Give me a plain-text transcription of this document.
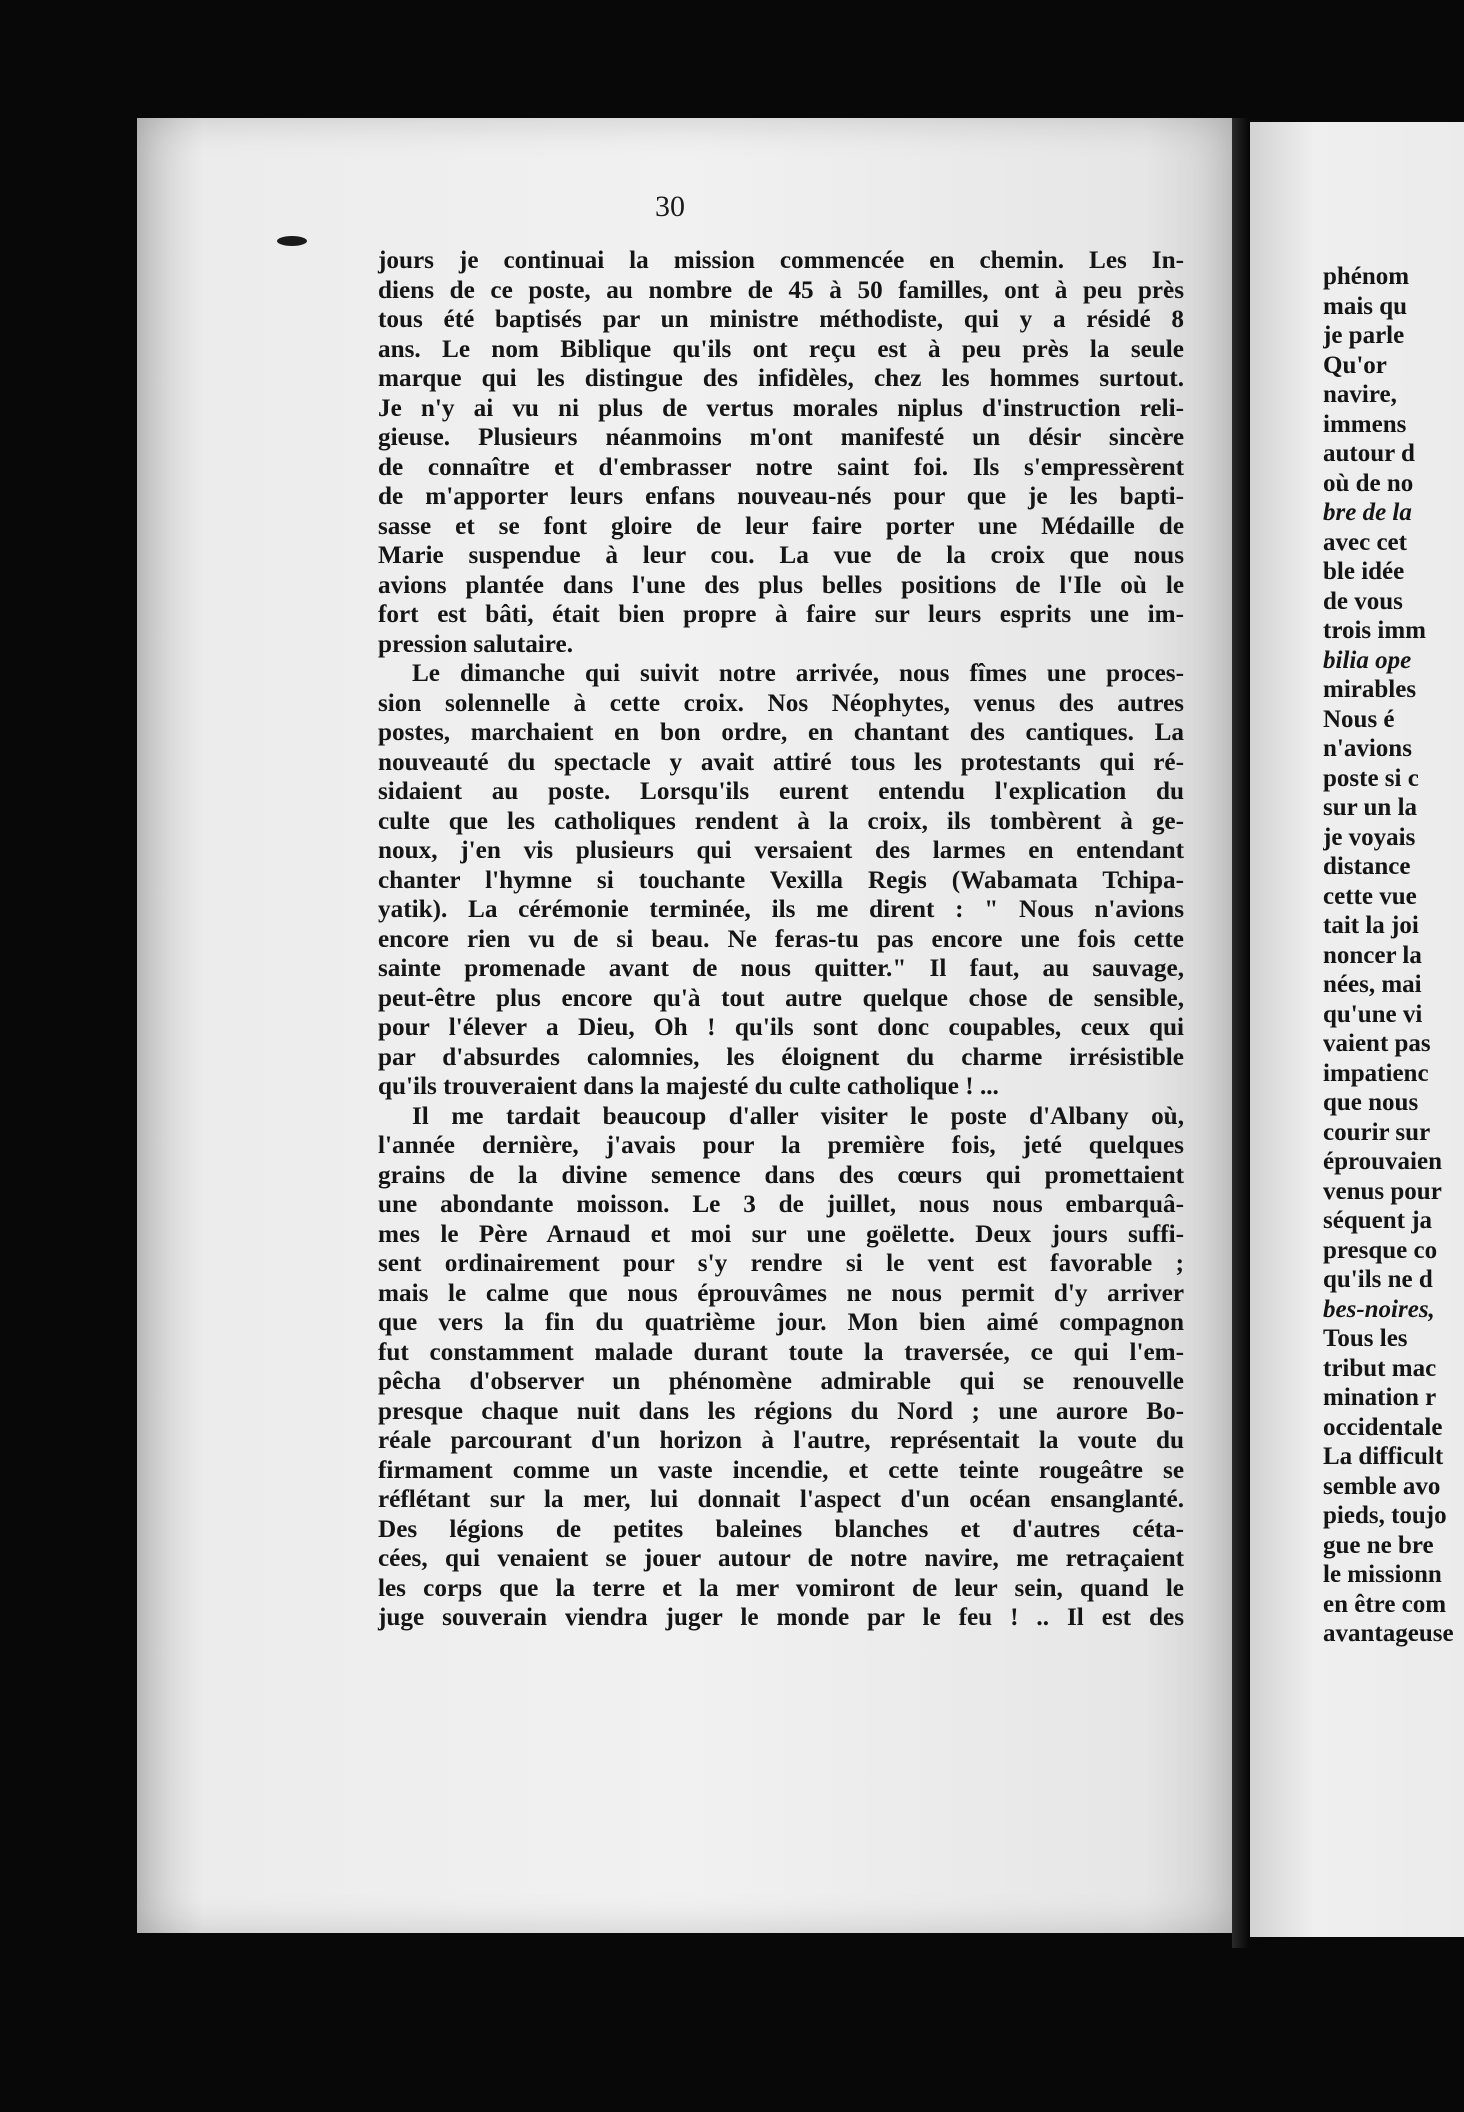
30
jours je continuai la mission commencée en chemin. Les In-
diens de ce poste, au nombre de 45 à 50 familles, ont à peu près
tous été baptisés par un ministre méthodiste, qui y a résidé 8
ans. Le nom Biblique qu'ils ont reçu est à peu près la seule
marque qui les distingue des infidèles, chez les hommes surtout.
Je n'y ai vu ni plus de vertus morales niplus d'instruction reli-
gieuse. Plusieurs néanmoins m'ont manifesté un désir sincère
de connaître et d'embrasser notre saint foi. Ils s'empressèrent
de m'apporter leurs enfans nouveau-nés pour que je les bapti-
sasse et se font gloire de leur faire porter une Médaille de
Marie suspendue à leur cou. La vue de la croix que nous
avions plantée dans l'une des plus belles positions de l'Ile où le
fort est bâti, était bien propre à faire sur leurs esprits une im-
pression salutaire.
Le dimanche qui suivit notre arrivée, nous fîmes une proces-
sion solennelle à cette croix. Nos Néophytes, venus des autres
postes, marchaient en bon ordre, en chantant des cantiques. La
nouveauté du spectacle y avait attiré tous les protestants qui ré-
sidaient au poste. Lorsqu'ils eurent entendu l'explication du
culte que les catholiques rendent à la croix, ils tombèrent à ge-
noux, j'en vis plusieurs qui versaient des larmes en entendant
chanter l'hymne si touchante Vexilla Regis (Wabamata Tchipa-
yatik). La cérémonie terminée, ils me dirent : " Nous n'avions
encore rien vu de si beau. Ne feras-tu pas encore une fois cette
sainte promenade avant de nous quitter." Il faut, au sauvage,
peut-être plus encore qu'à tout autre quelque chose de sensible,
pour l'élever a Dieu, Oh ! qu'ils sont donc coupables, ceux qui
par d'absurdes calomnies, les éloignent du charme irrésistible
qu'ils trouveraient dans la majesté du culte catholique ! ...
Il me tardait beaucoup d'aller visiter le poste d'Albany où,
l'année dernière, j'avais pour la première fois, jeté quelques
grains de la divine semence dans des cœurs qui promettaient
une abondante moisson. Le 3 de juillet, nous nous embarquâ-
mes le Père Arnaud et moi sur une goëlette. Deux jours suffi-
sent ordinairement pour s'y rendre si le vent est favorable ;
mais le calme que nous éprouvâmes ne nous permit d'y arriver
que vers la fin du quatrième jour. Mon bien aimé compagnon
fut constamment malade durant toute la traversée, ce qui l'em-
pêcha d'observer un phénomène admirable qui se renouvelle
presque chaque nuit dans les régions du Nord ; une aurore Bo-
réale parcourant d'un horizon à l'autre, représentait la voute du
firmament comme un vaste incendie, et cette teinte rougeâtre se
réflétant sur la mer, lui donnait l'aspect d'un océan ensanglanté.
Des légions de petites baleines blanches et d'autres céta-
cées, qui venaient se jouer autour de notre navire, me retraçaient
les corps que la terre et la mer vomiront de leur sein, quand le
juge souverain viendra juger le monde par le feu ! .. Il est des
phénom
mais qu
je parle
Qu'or
navire,
immens
autour d
où de no
bre de la
avec cet
ble idée
de vous
trois imm
bilia ope
mirables
Nous é
n'avions
poste si c
sur un la
je voyais
distance
cette vue
tait la joi
noncer la
nées, mai
qu'une vi
vaient pas
impatienc
que nous
courir sur
éprouvaien
venus pour
séquent ja
presque co
qu'ils ne d
bes-noires,
Tous les
tribut mac
mination r
occidentale
La difficult
semble avo
pieds, toujo
gue ne bre
le missionn
en être com
avantageuse
